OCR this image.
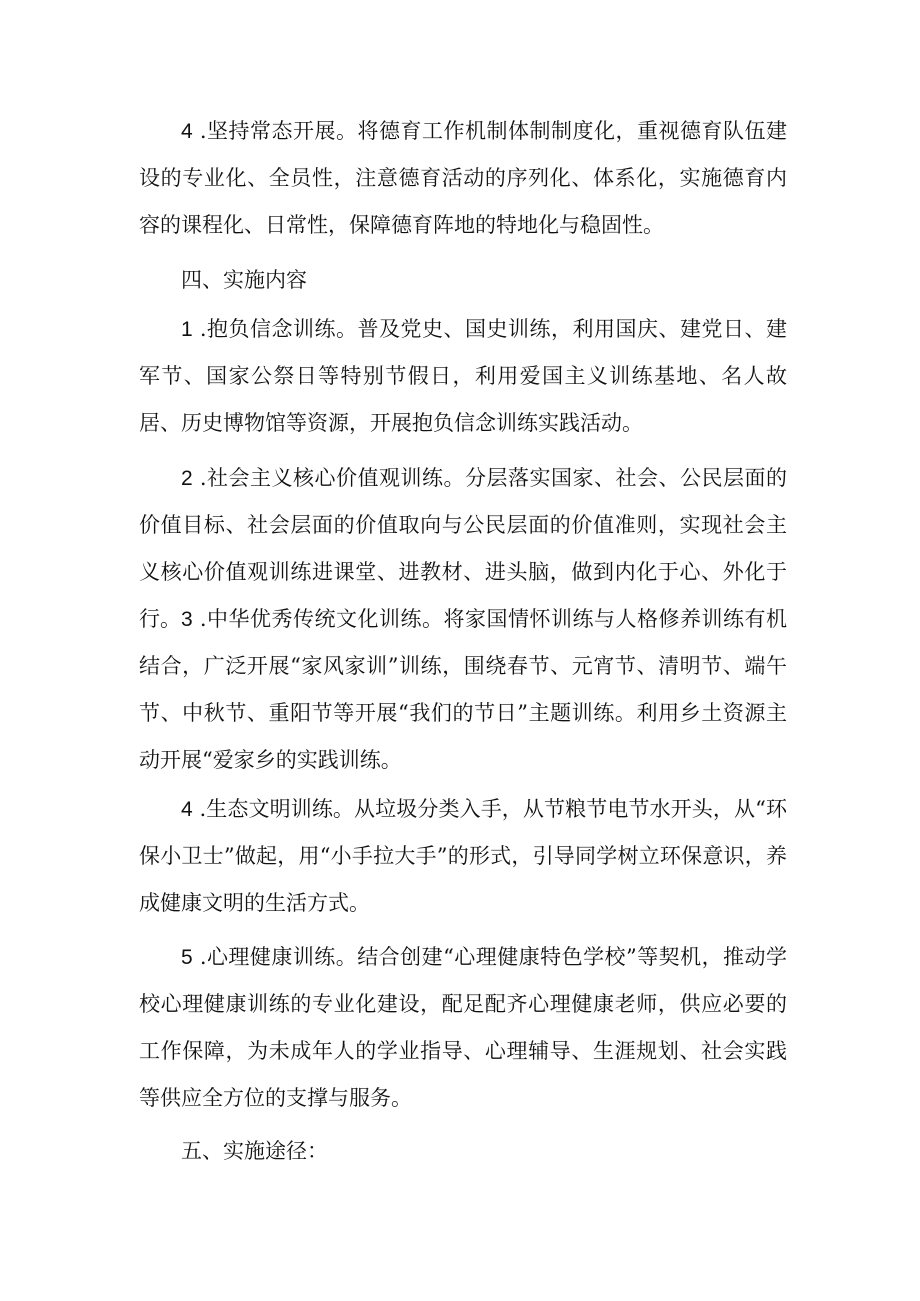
4 .坚持常态开展。将德育工作机制体制制度化，重视德育队伍建设的专业化、全员性，注意德育活动的序列化、体系化，实施德育内容的课程化、日常性，保障德育阵地的特地化与稳固性。

四、实施内容

1 .抱负信念训练。普及党史、国史训练，利用国庆、建党日、建军节、国家公祭日等特别节假日，利用爱国主义训练基地、名人故居、历史博物馆等资源，开展抱负信念训练实践活动。

2 .社会主义核心价值观训练。分层落实国家、社会、公民层面的价值目标、社会层面的价值取向与公民层面的价值准则，实现社会主义核心价值观训练进课堂、进教材、进头脑，做到内化于心、外化于行。 3 .中华优秀传统文化训练。将家国情怀训练与人格修养训练有机结合，广泛开展“家风家训”训练，围绕春节、元宵节、清明节、端午节、中秋节、重阳节等开展“我们的节日”主题训练。利用乡土资源主动开展“爱家乡的实践训练。

4 .生态文明训练。从垃圾分类入手，从节粮节电节水开头，从“环保小卫士”做起，用“小手拉大手”的形式，引导同学树立环保意识，养成健康文明的生活方式。

5 .心理健康训练。结合创建“心理健康特色学校”等契机，推动学校心理健康训练的专业化建设，配足配齐心理健康老师，供应必要的工作保障，为未成年人的学业指导、心理辅导、生涯规划、社会实践等供应全方位的支撑与服务。

五、实施途径：
